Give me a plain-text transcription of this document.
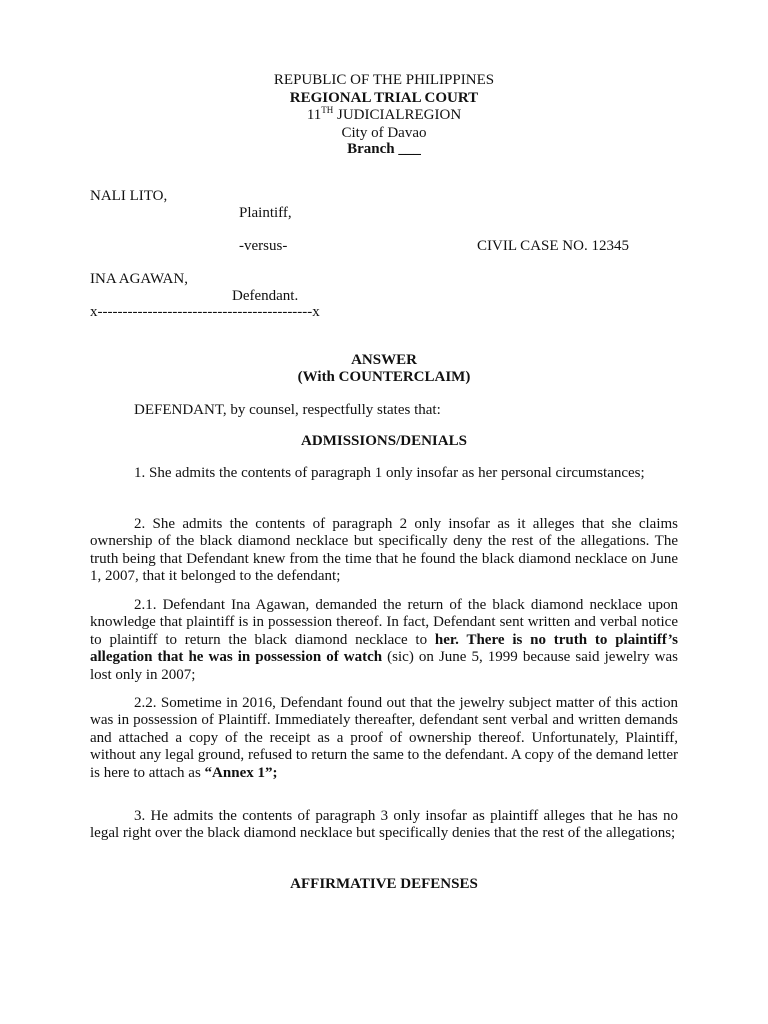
REPUBLIC OF THE PHILIPPINES
REGIONAL TRIAL COURT
11TH JUDICIALREGION
City of Davao
Branch ___
NALI LITO,
Plaintiff,
-versus-	CIVIL CASE NO. 12345
INA AGAWAN,
Defendant.
x-------------------------------------------x
ANSWER
(With COUNTERCLAIM)
DEFENDANT, by counsel, respectfully states that:
ADMISSIONS/DENIALS
1. She admits the contents of paragraph 1 only insofar as her personal circumstances;
2. She admits the contents of paragraph 2 only insofar as it alleges that she claims ownership of the black diamond necklace but specifically deny the rest of the allegations. The truth being that Defendant knew from the time that he found the black diamond necklace on June 1, 2007, that it belonged to the defendant;
2.1. Defendant Ina Agawan, demanded the return of the black diamond necklace upon knowledge that plaintiff is in possession thereof. In fact, Defendant sent written and verbal notice to plaintiff to return the black diamond necklace to her. There is no truth to plaintiff’s allegation that he was in possession of watch (sic) on June 5, 1999 because said jewelry was lost only in 2007;
2.2. Sometime in 2016, Defendant found out that the jewelry subject matter of this action was in possession of Plaintiff. Immediately thereafter, defendant sent verbal and written demands and attached a copy of the receipt as a proof of ownership thereof. Unfortunately, Plaintiff, without any legal ground, refused to return the same to the defendant. A copy of the demand letter is here to attach as “Annex 1”;
3. He admits the contents of paragraph 3 only insofar as plaintiff alleges that he has no legal right over the black diamond necklace but specifically denies that the rest of the allegations;
AFFIRMATIVE DEFENSES
